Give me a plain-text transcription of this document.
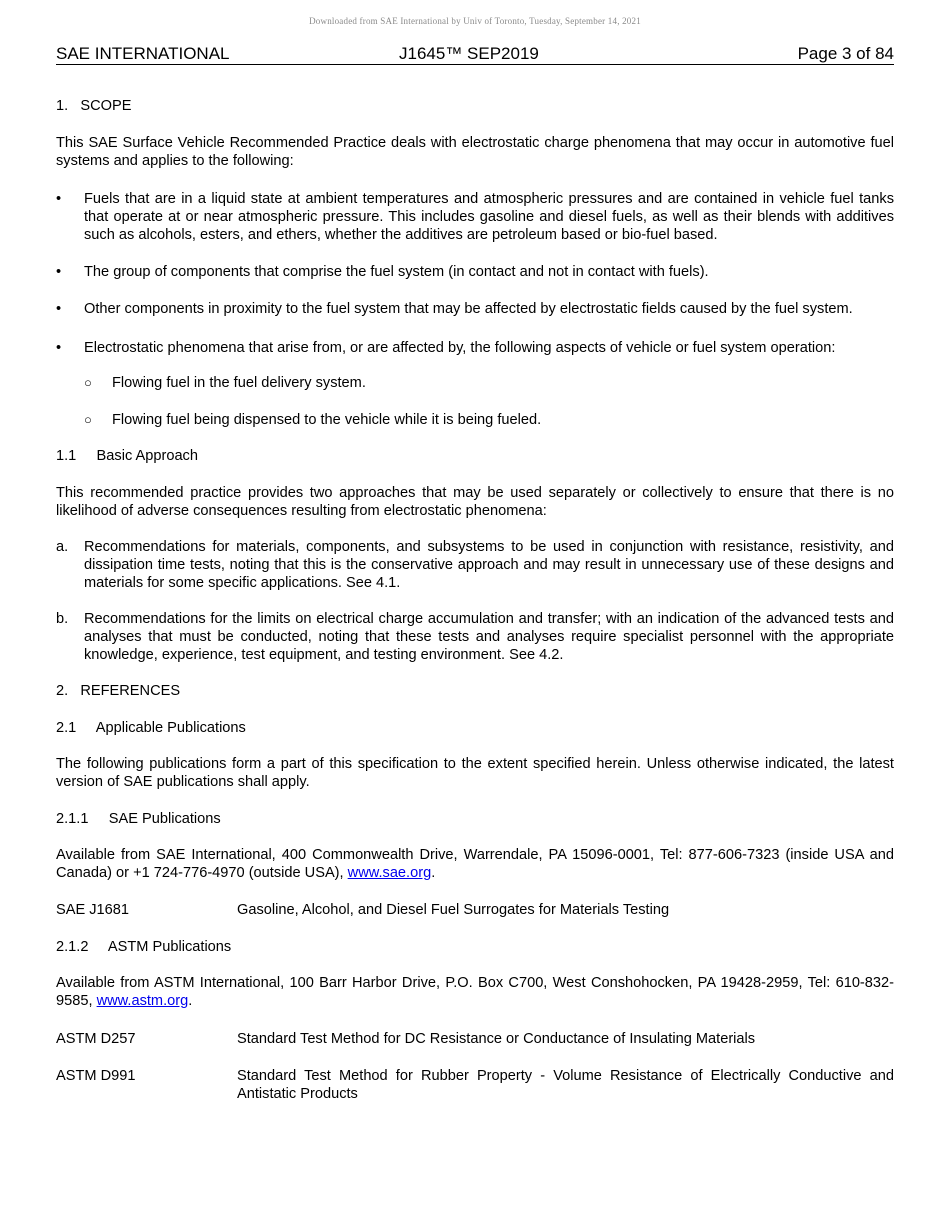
Downloaded from SAE International by Univ of Toronto, Tuesday, September 14, 2021
SAE INTERNATIONAL	J1645™ SEP2019	Page 3 of 84
1.   SCOPE
This SAE Surface Vehicle Recommended Practice deals with electrostatic charge phenomena that may occur in automotive fuel systems and applies to the following:
• Fuels that are in a liquid state at ambient temperatures and atmospheric pressures and are contained in vehicle fuel tanks that operate at or near atmospheric pressure. This includes gasoline and diesel fuels, as well as their blends with additives such as alcohols, esters, and ethers, whether the additives are petroleum based or bio-fuel based.
• The group of components that comprise the fuel system (in contact and not in contact with fuels).
• Other components in proximity to the fuel system that may be affected by electrostatic fields caused by the fuel system.
• Electrostatic phenomena that arise from, or are affected by, the following aspects of vehicle or fuel system operation:
○ Flowing fuel in the fuel delivery system.
○ Flowing fuel being dispensed to the vehicle while it is being fueled.
1.1     Basic Approach
This recommended practice provides two approaches that may be used separately or collectively to ensure that there is no likelihood of adverse consequences resulting from electrostatic phenomena:
a. Recommendations for materials, components, and subsystems to be used in conjunction with resistance, resistivity, and dissipation time tests, noting that this is the conservative approach and may result in unnecessary use of these designs and materials for some specific applications. See 4.1.
b. Recommendations for the limits on electrical charge accumulation and transfer; with an indication of the advanced tests and analyses that must be conducted, noting that these tests and analyses require specialist personnel with the appropriate knowledge, experience, test equipment, and testing environment. See 4.2.
2.   REFERENCES
2.1     Applicable Publications
The following publications form a part of this specification to the extent specified herein. Unless otherwise indicated, the latest version of SAE publications shall apply.
2.1.1     SAE Publications
Available from SAE International, 400 Commonwealth Drive, Warrendale, PA 15096-0001, Tel: 877-606-7323 (inside USA and Canada) or +1 724-776-4970 (outside USA), www.sae.org.
SAE J1681	Gasoline, Alcohol, and Diesel Fuel Surrogates for Materials Testing
2.1.2     ASTM Publications
Available from ASTM International, 100 Barr Harbor Drive, P.O. Box C700, West Conshohocken, PA 19428-2959, Tel: 610-832-9585, www.astm.org.
ASTM D257	Standard Test Method for DC Resistance or Conductance of Insulating Materials
ASTM D991	Standard Test Method for Rubber Property - Volume Resistance of Electrically Conductive and Antistatic Products
